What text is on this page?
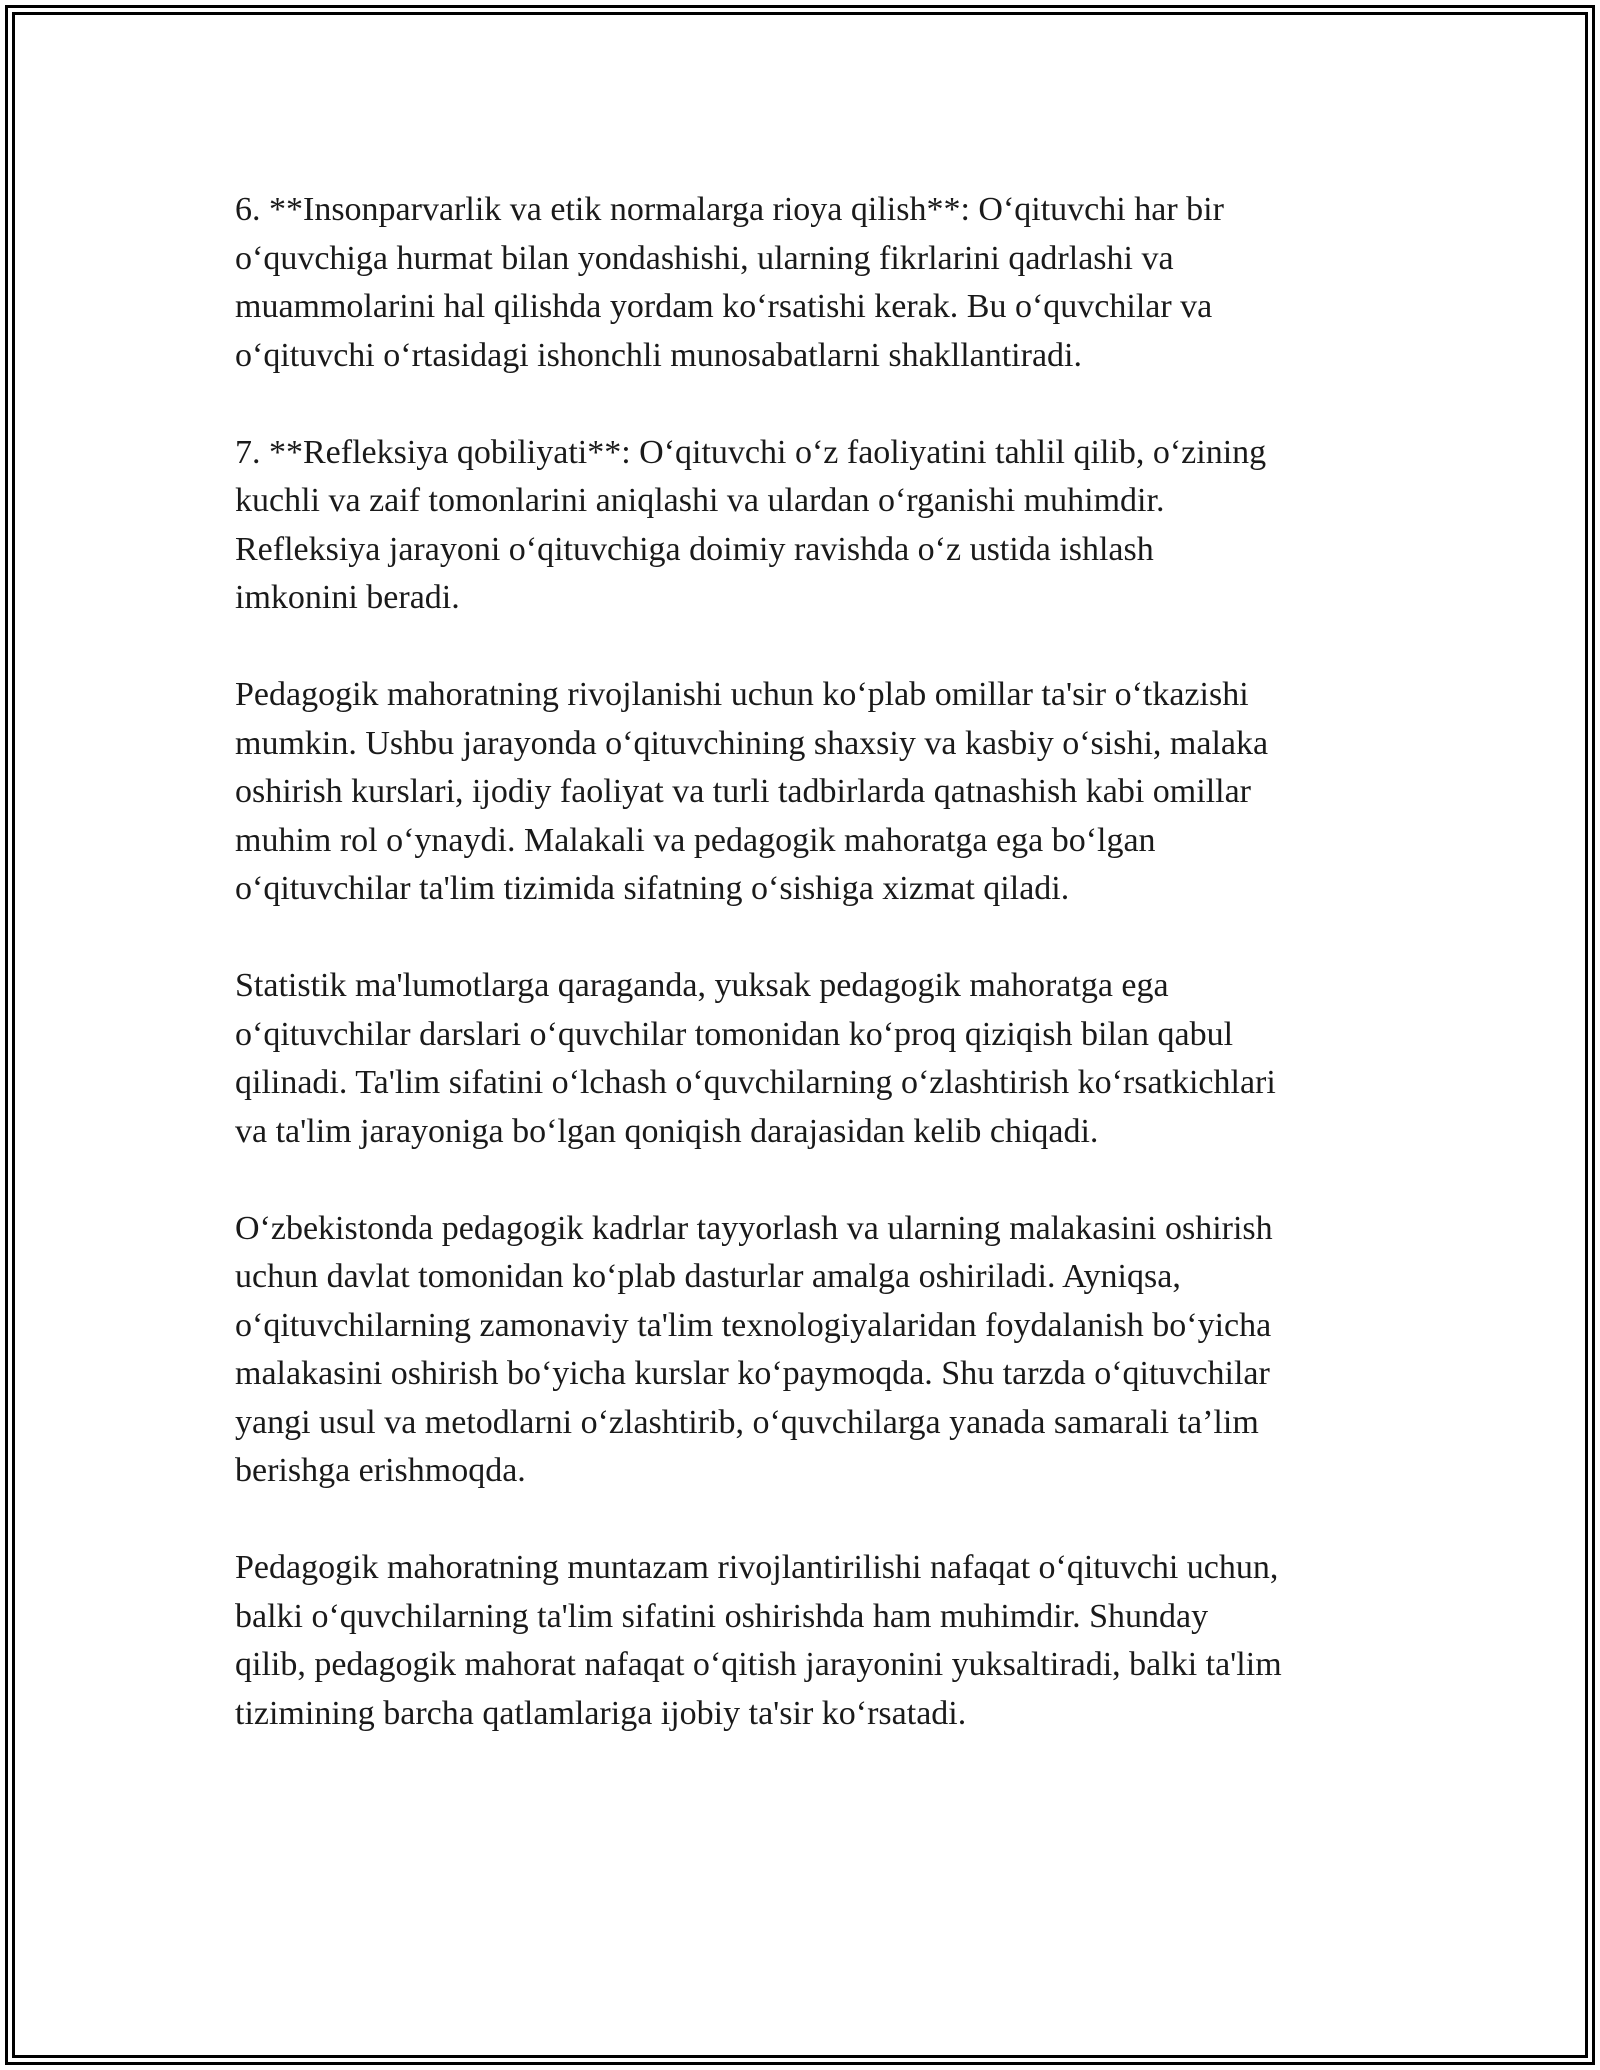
6. **Insonparvarlik va etik normalarga rioya qilish**: O‘qituvchi har bir
o‘quvchiga hurmat bilan yondashishi, ularning fikrlarini qadrlashi va
muammolarini hal qilishda yordam ko‘rsatishi kerak. Bu o‘quvchilar va
o‘qituvchi o‘rtasidagi ishonchli munosabatlarni shakllantiradi.

7. **Refleksiya qobiliyati**: O‘qituvchi o‘z faoliyatini tahlil qilib, o‘zining
kuchli va zaif tomonlarini aniqlashi va ulardan o‘rganishi muhimdir.
Refleksiya jarayoni o‘qituvchiga doimiy ravishda o‘z ustida ishlash
imkonini beradi.

Pedagogik mahoratning rivojlanishi uchun ko‘plab omillar ta'sir o‘tkazishi
mumkin. Ushbu jarayonda o‘qituvchining shaxsiy va kasbiy o‘sishi, malaka
oshirish kurslari, ijodiy faoliyat va turli tadbirlarda qatnashish kabi omillar
muhim rol o‘ynaydi. Malakali va pedagogik mahoratga ega bo‘lgan
o‘qituvchilar ta'lim tizimida sifatning o‘sishiga xizmat qiladi.

Statistik ma'lumotlarga qaraganda, yuksak pedagogik mahoratga ega
o‘qituvchilar darslari o‘quvchilar tomonidan ko‘proq qiziqish bilan qabul
qilinadi. Ta'lim sifatini o‘lchash o‘quvchilarning o‘zlashtirish ko‘rsatkichlari
va ta'lim jarayoniga bo‘lgan qoniqish darajasidan kelib chiqadi.

O‘zbekistonda pedagogik kadrlar tayyorlash va ularning malakasini oshirish
uchun davlat tomonidan ko‘plab dasturlar amalga oshiriladi. Ayniqsa,
o‘qituvchilarning zamonaviy ta'lim texnologiyalaridan foydalanish bo‘yicha
malakasini oshirish bo‘yicha kurslar ko‘paymoqda. Shu tarzda o‘qituvchilar
yangi usul va metodlarni o‘zlashtirib, o‘quvchilarga yanada samarali ta’lim
berishga erishmoqda.

Pedagogik mahoratning muntazam rivojlantirilishi nafaqat o‘qituvchi uchun,
balki o‘quvchilarning ta'lim sifatini oshirishda ham muhimdir. Shunday
qilib, pedagogik mahorat nafaqat o‘qitish jarayonini yuksaltiradi, balki ta'lim
tizimining barcha qatlamlariga ijobiy ta'sir ko‘rsatadi.
